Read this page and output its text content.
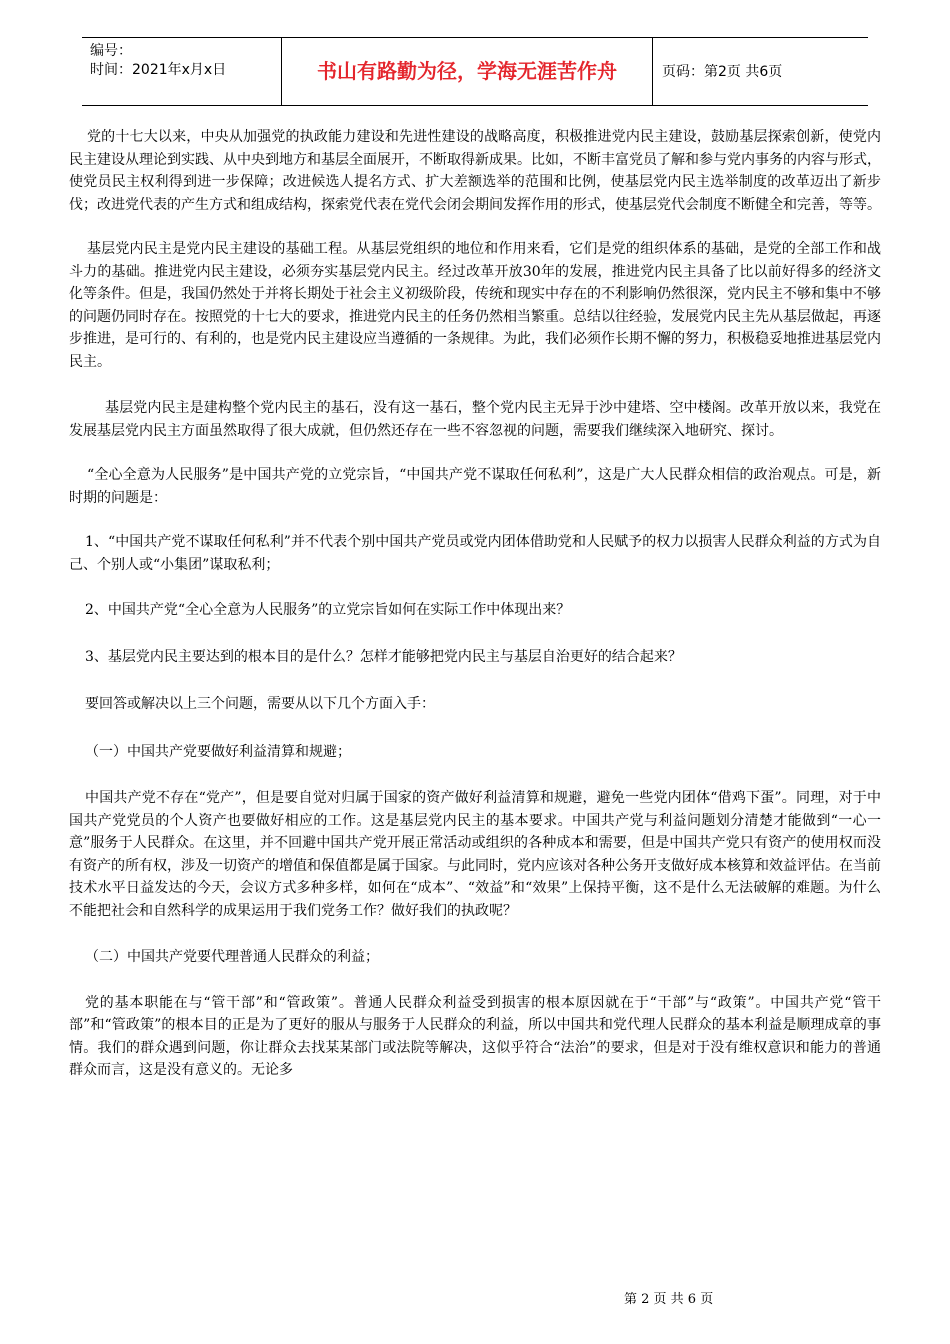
编号：
时间：2021年x月x日	书山有路勤为径，学海无涯苦作舟	页码：第2页 共6页

党的十七大以来，中央从加强党的执政能力建设和先进性建设的战略高度，积极推进党内民主建设，鼓励基层探索创新，使党内民主建设从理论到实践、从中央到地方和基层全面展开，不断取得新成果。比如，不断丰富党员了解和参与党内事务的内容与形式，使党员民主权利得到进一步保障；改进候选人提名方式、扩大差额选举的范围和比例，使基层党内民主选举制度的改革迈出了新步伐；改进党代表的产生方式和组成结构，探索党代表在党代会闭会期间发挥作用的形式，使基层党代会制度不断健全和完善，等等。

基层党内民主是党内民主建设的基础工程。从基层党组织的地位和作用来看，它们是党的组织体系的基础，是党的全部工作和战斗力的基础。推进党内民主建设，必须夯实基层党内民主。经过改革开放30年的发展，推进党内民主具备了比以前好得多的经济文化等条件。但是，我国仍然处于并将长期处于社会主义初级阶段，传统和现实中存在的不利影响仍然很深，党内民主不够和集中不够的问题仍同时存在。按照党的十七大的要求，推进党内民主的任务仍然相当繁重。总结以往经验，发展党内民主先从基层做起，再逐步推进，是可行的、有利的，也是党内民主建设应当遵循的一条规律。为此，我们必须作长期不懈的努力，积极稳妥地推进基层党内民主。

基层党内民主是建构整个党内民主的基石，没有这一基石，整个党内民主无异于沙中建塔、空中楼阁。改革开放以来，我党在发展基层党内民主方面虽然取得了很大成就，但仍然还存在一些不容忽视的问题，需要我们继续深入地研究、探讨。

“全心全意为人民服务”是中国共产党的立党宗旨，“中国共产党不谋取任何私利”，这是广大人民群众相信的政治观点。可是，新时期的问题是：

1、“中国共产党不谋取任何私利”并不代表个别中国共产党员或党内团体借助党和人民赋予的权力以损害人民群众利益的方式为自己、个别人或“小集团”谋取私利；

2、中国共产党“全心全意为人民服务”的立党宗旨如何在实际工作中体现出来？

3、基层党内民主要达到的根本目的是什么？怎样才能够把党内民主与基层自治更好的结合起来？

要回答或解决以上三个问题，需要从以下几个方面入手：

（一）中国共产党要做好利益清算和规避；

中国共产党不存在“党产”，但是要自觉对归属于国家的资产做好利益清算和规避，避免一些党内团体“借鸡下蛋”。同理，对于中国共产党党员的个人资产也要做好相应的工作。这是基层党内民主的基本要求。中国共产党与利益问题划分清楚才能做到“一心一意”服务于人民群众。在这里，并不回避中国共产党开展正常活动或组织的各种成本和需要，但是中国共产党只有资产的使用权而没有资产的所有权，涉及一切资产的增值和保值都是属于国家。与此同时，党内应该对各种公务开支做好成本核算和效益评估。在当前技术水平日益发达的今天，会议方式多种多样，如何在“成本”、“效益”和“效果”上保持平衡，这不是什么无法破解的难题。为什么不能把社会和自然科学的成果运用于我们党务工作？做好我们的执政呢？

（二）中国共产党要代理普通人民群众的利益；

党的基本职能在与“管干部”和“管政策”。普通人民群众利益受到损害的根本原因就在于“干部”与“政策”。中国共产党“管干部”和“管政策”的根本目的正是为了更好的服从与服务于人民群众的利益，所以中国共和党代理人民群众的基本利益是顺理成章的事情。我们的群众遇到问题，你让群众去找某某部门或法院等解决，这似乎符合“法治”的要求，但是对于没有维权意识和能力的普通群众而言，这是没有意义的。无论多

第 2 页 共 6 页
